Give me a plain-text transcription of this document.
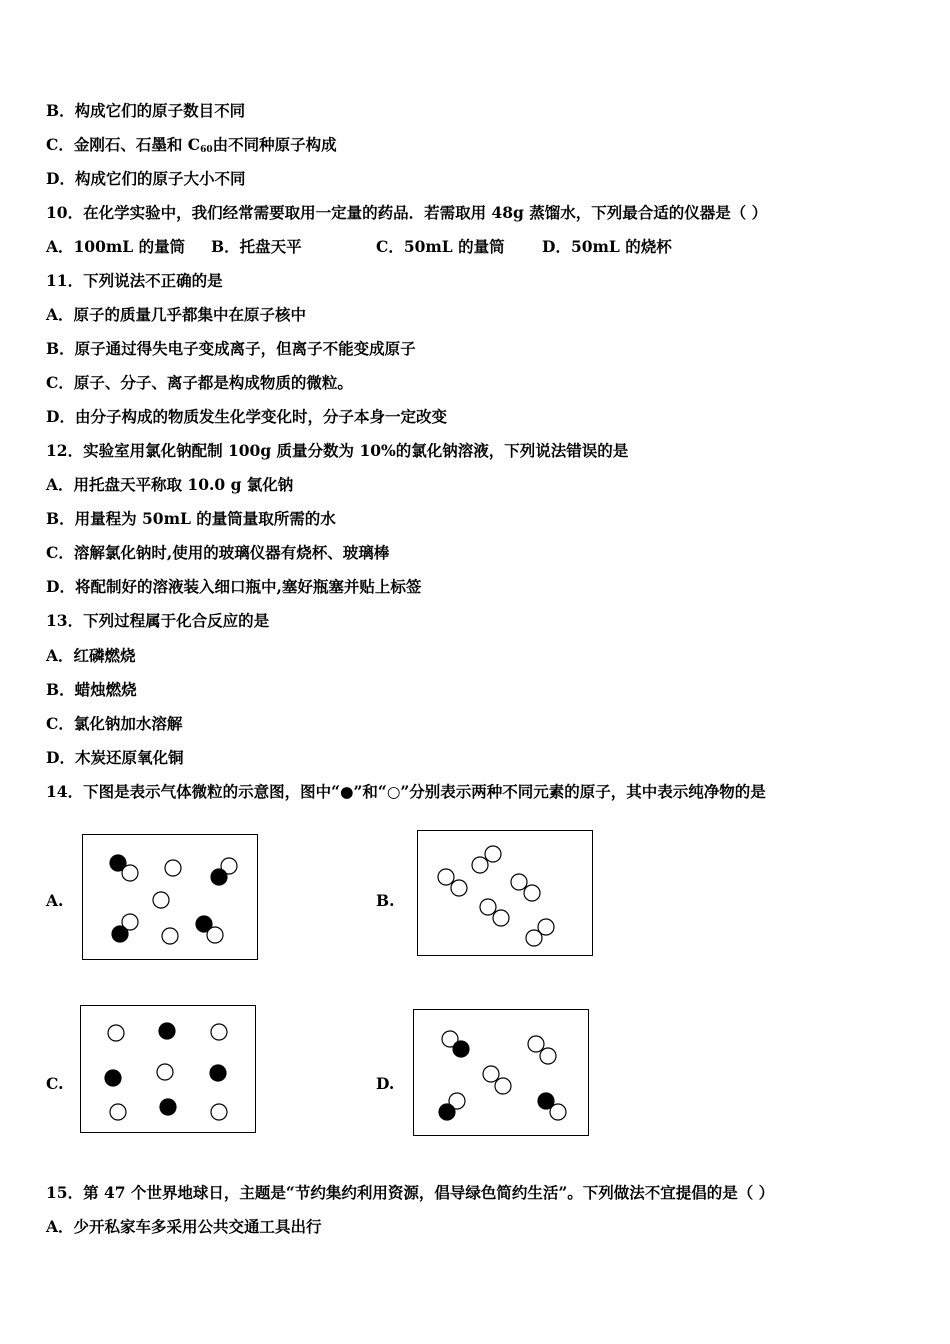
B．构成它们的原子数目不同
C．金刚石、石墨和 $C_{60}$由不同种原子构成
D．构成它们的原子大小不同
10．在化学实验中，我们经常需要取用一定量的药品．若需取用 48g 蒸馏水，下列最合适的仪器是（ ）
A．100mL 的量筒 B．托盘天平	C．50mL 的量筒 D．50mL 的烧杯
11．下列说法不正确的是
A．原子的质量几乎都集中在原子核中
B．原子通过得失电子变成离子，但离子不能变成原子
C．原子、分子、离子都是构成物质的微粒。
D．由分子构成的物质发生化学变化时，分子本身一定改变
12．实验室用氯化钠配制 100g 质量分数为 10%的氯化钠溶液，下列说法错误的是
A．用托盘天平称取 10.0 g 氯化钠
B．用量程为 50mL 的量筒量取所需的水
C．溶解氯化钠时,使用的玻璃仪器有烧杯、玻璃棒
D．将配制好的溶液装入细口瓶中,塞好瓶塞并贴上标签
13．下列过程属于化合反应的是
A．红磷燃烧
B．蜡烛燃烧
C．氯化钠加水溶解
D．木炭还原氧化铜
14．下图是表示气体微粒的示意图，图中“●”和“○”分别表示两种不同元素的原子，其中表示纯净物的是
A.	B.
C.	D.
15．第 47 个世界地球日，主题是“节约集约利用资源，倡导绿色简约生活”。下列做法不宜提倡的是（ ）
A．少开私家车多采用公共交通工具出行
